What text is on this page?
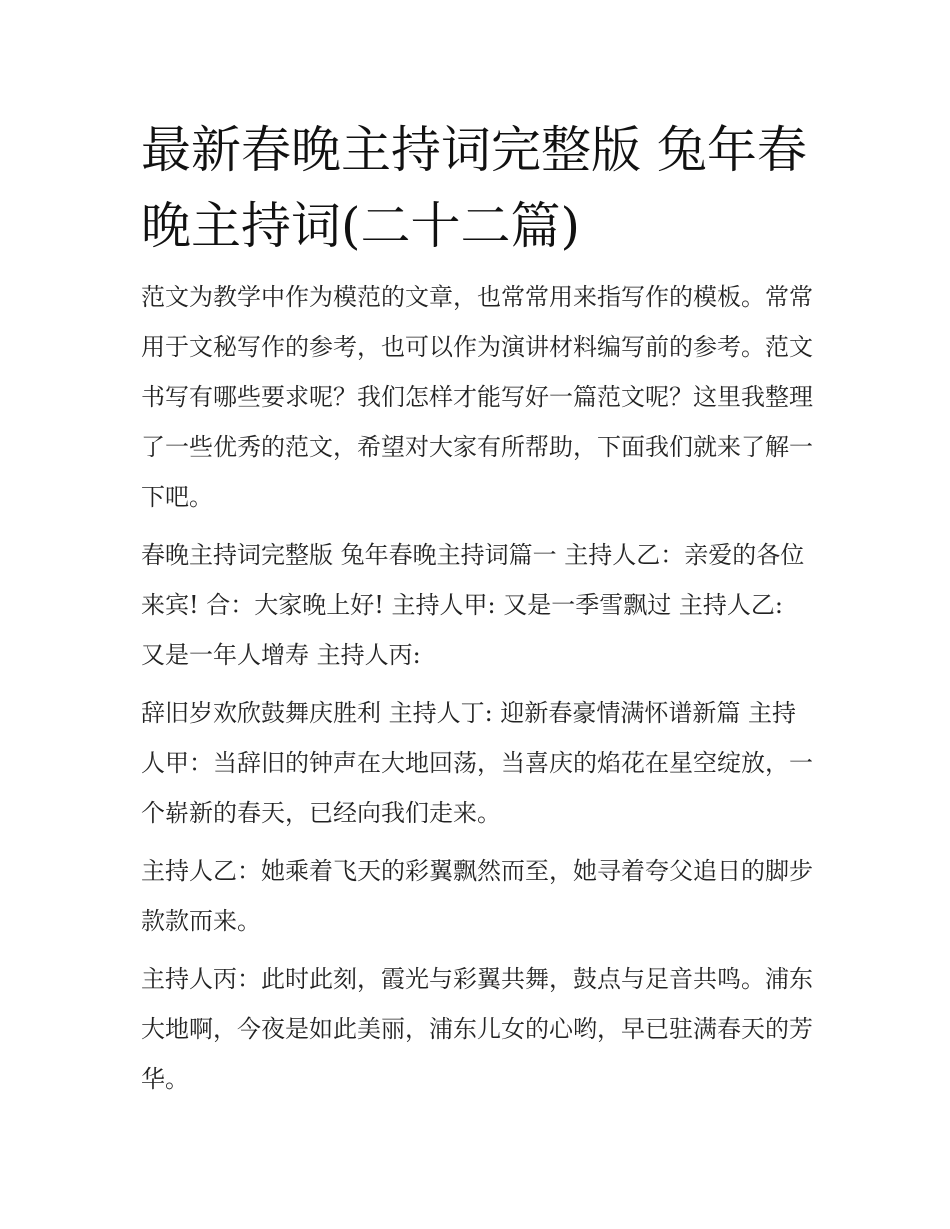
最新春晚主持词完整版 兔年春晚主持词(二十二篇)

范文为教学中作为模范的文章，也常常用来指写作的模板。常常用于文秘写作的参考，也可以作为演讲材料编写前的参考。范文书写有哪些要求呢？我们怎样才能写好一篇范文呢？这里我整理了一些优秀的范文，希望对大家有所帮助，下面我们就来了解一下吧。

春晚主持词完整版 兔年春晚主持词篇一 主持人乙：亲爱的各位来宾! 合：大家晚上好! 主持人甲: 又是一季雪飘过 主持人乙: 又是一年人增寿 主持人丙:

辞旧岁欢欣鼓舞庆胜利 主持人丁: 迎新春豪情满怀谱新篇 主持人甲：当辞旧的钟声在大地回荡，当喜庆的焰花在星空绽放，一个崭新的春天，已经向我们走来。

主持人乙：她乘着飞天的彩翼飘然而至，她寻着夸父追日的脚步款款而来。

主持人丙：此时此刻，霞光与彩翼共舞，鼓点与足音共鸣。浦东大地啊，今夜是如此美丽，浦东儿女的心哟，早已驻满春天的芳华。
